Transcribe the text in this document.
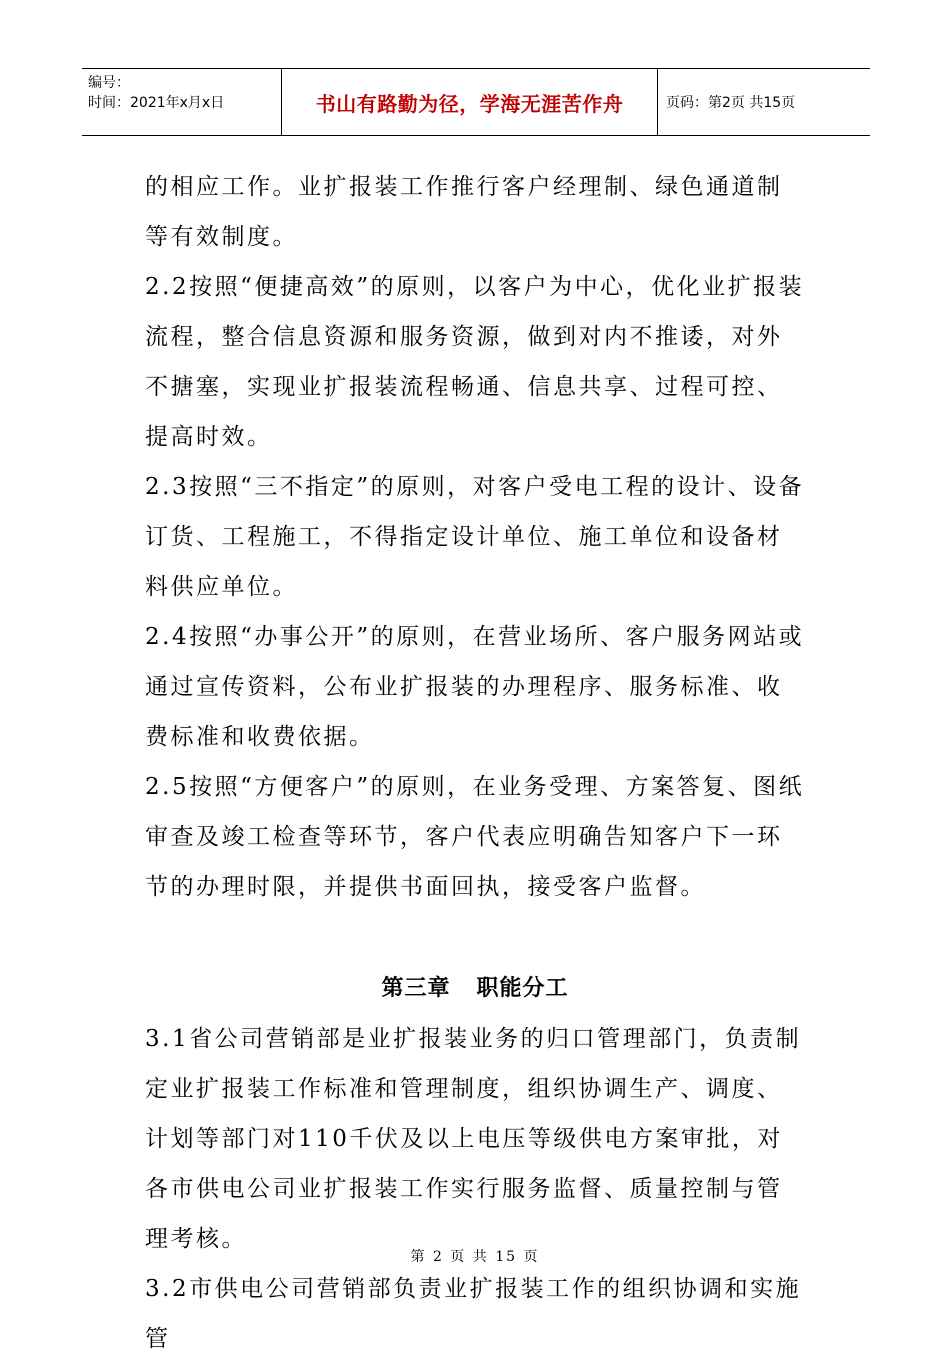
编号：
时间：2021年x月x日	书山有路勤为径，学海无涯苦作舟	页码：第2页 共15页

的相应工作。业扩报装工作推行客户经理制、绿色通道制等有效制度。

2.2按照“便捷高效”的原则，以客户为中心，优化业扩报装流程，整合信息资源和服务资源，做到对内不推诿，对外不搪塞，实现业扩报装流程畅通、信息共享、过程可控、提高时效。

2.3按照“三不指定”的原则，对客户受电工程的设计、设备订货、工程施工，不得指定设计单位、施工单位和设备材料供应单位。

2.4按照“办事公开”的原则，在营业场所、客户服务网站或通过宣传资料，公布业扩报装的办理程序、服务标准、收费标准和收费依据。

2.5按照“方便客户”的原则，在业务受理、方案答复、图纸审查及竣工检查等环节，客户代表应明确告知客户下一环节的办理时限，并提供书面回执，接受客户监督。

第三章   职能分工

3.1省公司营销部是业扩报装业务的归口管理部门，负责制定业扩报装工作标准和管理制度，组织协调生产、调度、计划等部门对110千伏及以上电压等级供电方案审批，对各市供电公司业扩报装工作实行服务监督、质量控制与管理考核。

3.2市供电公司营销部负责业扩报装工作的组织协调和实施管

第 2 页 共 15 页
